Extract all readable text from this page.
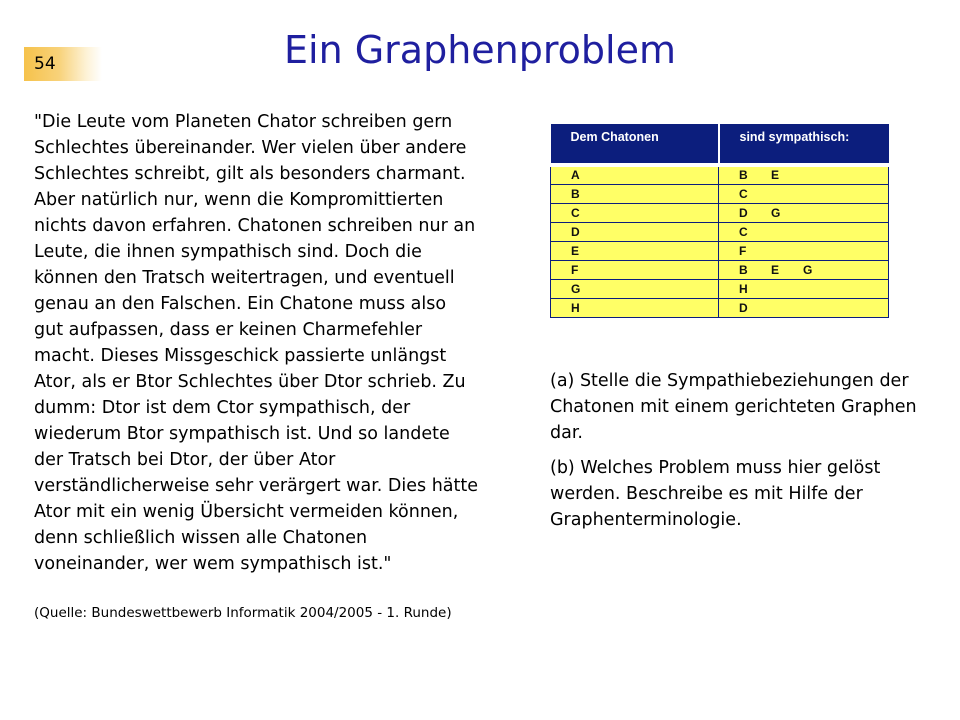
54	Ein Graphenproblem

"Die Leute vom Planeten Chator schreiben gern Schlechtes übereinander. Wer vielen über andere Schlechtes schreibt, gilt als besonders charmant. Aber natürlich nur, wenn die Kompromittierten nichts davon erfahren. Chatonen schreiben nur an Leute, die ihnen sympathisch sind. Doch die können den Tratsch weitertragen, und eventuell genau an den Falschen. Ein Chatone muss also gut aufpassen, dass er keinen Charmefehler macht. Dieses Missgeschick passierte unlängst Ator, als er Btor Schlechtes über Dtor schrieb. Zu dumm: Dtor ist dem Ctor sympathisch, der wiederum Btor sympathisch ist. Und so landete der Tratsch bei Dtor, der über Ator verständlicherweise sehr verärgert war. Dies hätte Ator mit ein wenig Übersicht vermeiden können, denn schließlich wissen alle Chatonen voneinander, wer wem sympathisch ist."

(Quelle: Bundeswettbewerb Informatik 2004/2005 - 1. Runde)

Dem Chatonen	sind sympathisch:
A	B E
B	C
C	D G
D	C
E	F
F	B E G
G	H
H	D

(a) Stelle die Sympathiebeziehungen der Chatonen mit einem gerichteten Graphen dar.

(b) Welches Problem muss hier gelöst werden. Beschreibe es mit Hilfe der Graphenterminologie.
